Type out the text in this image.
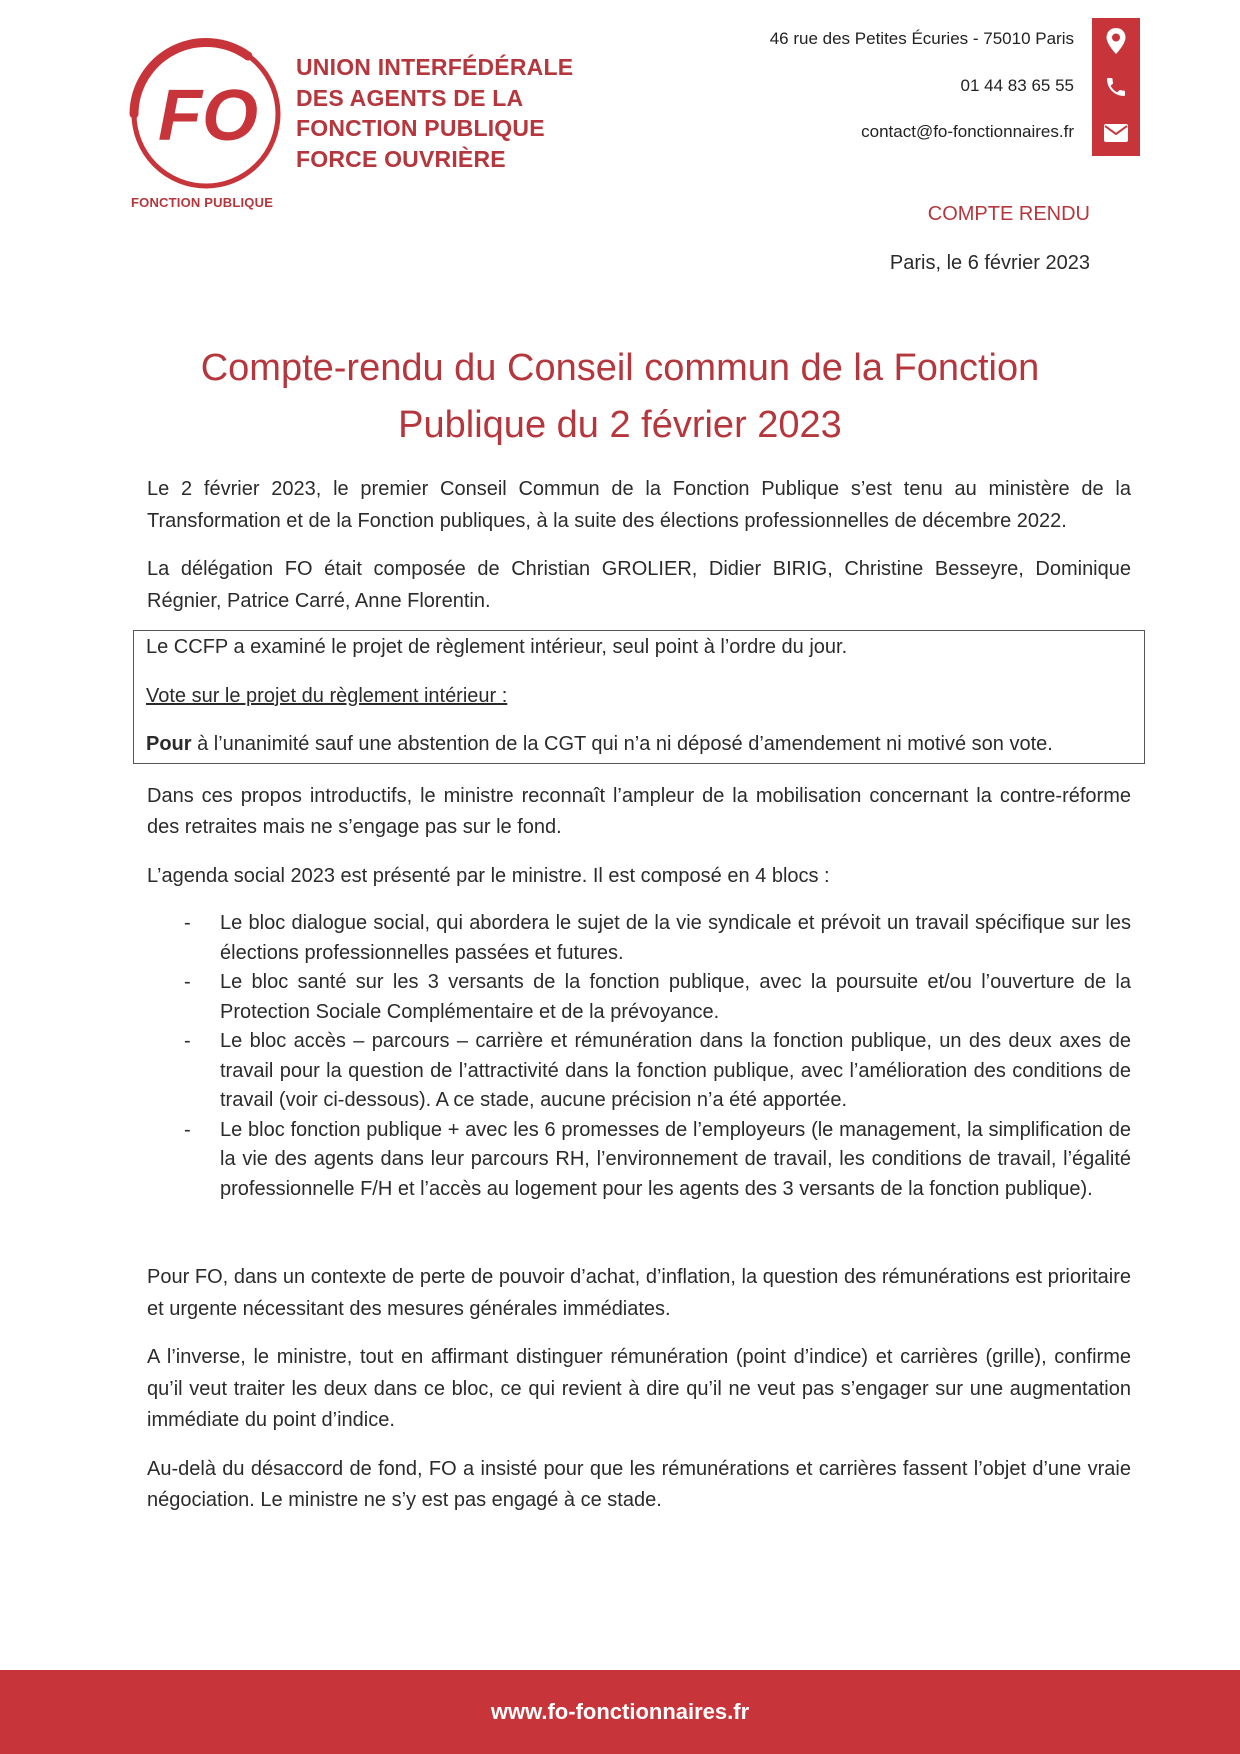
FO
UNION INTERFÉDÉRALE
DES AGENTS DE LA
FONCTION PUBLIQUE
FORCE OUVRIÈRE
FONCTION PUBLIQUE
46 rue des Petites Écuries - 75010 Paris
01 44 83 65 55
contact@fo-fonctionnaires.fr
COMPTE RENDU
Paris, le 6 février 2023
Compte-rendu du Conseil commun de la Fonction
Publique du 2 février 2023

Le 2 février 2023, le premier Conseil Commun de la Fonction Publique s’est tenu au ministère de la Transformation et de la Fonction publiques, à la suite des élections professionnelles de décembre 2022.

La délégation FO était composée de Christian GROLIER, Didier BIRIG, Christine Besseyre, Dominique Régnier, Patrice Carré, Anne Florentin.

Le CCFP a examiné le projet de règlement intérieur, seul point à l’ordre du jour.

Vote sur le projet du règlement intérieur :

Pour à l’unanimité sauf une abstention de la CGT qui n’a ni déposé d’amendement ni motivé son vote.

Dans ces propos introductifs, le ministre reconnaît l’ampleur de la mobilisation concernant la contre-réforme des retraites mais ne s’engage pas sur le fond.

L’agenda social 2023 est présenté par le ministre. Il est composé en 4 blocs :

- Le bloc dialogue social, qui abordera le sujet de la vie syndicale et prévoit un travail spécifique sur les élections professionnelles passées et futures.
- Le bloc santé sur les 3 versants de la fonction publique, avec la poursuite et/ou l’ouverture de la Protection Sociale Complémentaire et de la prévoyance.
- Le bloc accès – parcours – carrière et rémunération dans la fonction publique, un des deux axes de travail pour la question de l’attractivité dans la fonction publique, avec l’amélioration des conditions de travail (voir ci-dessous). A ce stade, aucune précision n’a été apportée.
- Le bloc fonction publique + avec les 6 promesses de l’employeurs (le management, la simplification de la vie des agents dans leur parcours RH, l’environnement de travail, les conditions de travail, l’égalité professionnelle F/H et l’accès au logement pour les agents des 3 versants de la fonction publique).

Pour FO, dans un contexte de perte de pouvoir d’achat, d’inflation, la question des rémunérations est prioritaire et urgente nécessitant des mesures générales immédiates.

A l’inverse, le ministre, tout en affirmant distinguer rémunération (point d’indice) et carrières (grille), confirme qu’il veut traiter les deux dans ce bloc, ce qui revient à dire qu’il ne veut pas s’engager sur une augmentation immédiate du point d’indice.

Au-delà du désaccord de fond, FO a insisté pour que les rémunérations et carrières fassent l’objet d’une vraie négociation. Le ministre ne s’y est pas engagé à ce stade.

www.fo-fonctionnaires.fr
